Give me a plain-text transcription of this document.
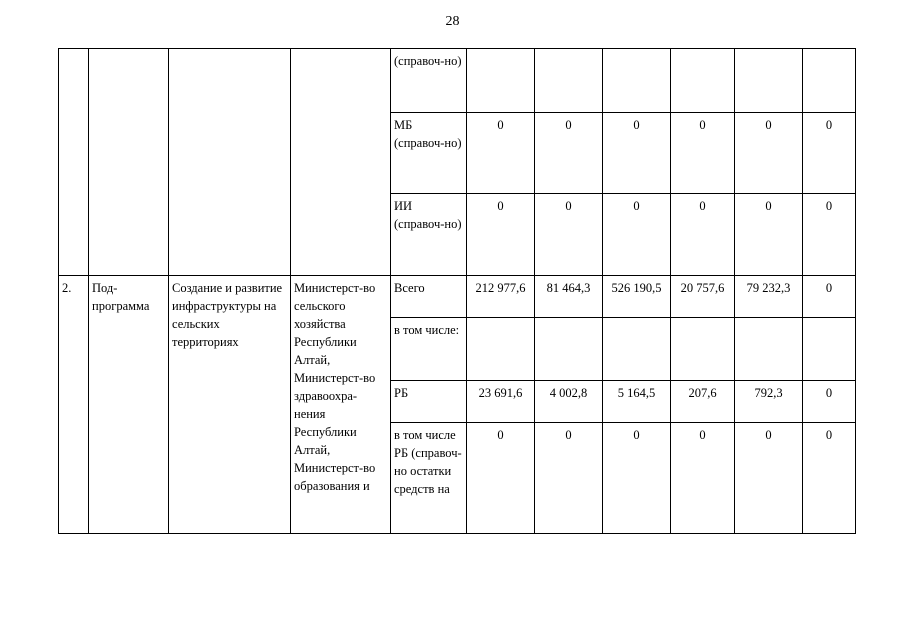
28
				(справоч-но)						
				МБ (справоч-но)	0	0	0	0	0	0
				ИИ (справоч-но)	0	0	0	0	0	0
2.	Под-программа	Создание и развитие инфраструктуры на сельских территориях	Министерст-во сельского хозяйства Республики Алтай, Министерст-во здравоохра-нения Республики Алтай, Министерст-во образования и	Всего	212 977,6	81 464,3	526 190,5	20 757,6	79 232,3	0
				в том числе:						
				РБ	23 691,6	4 002,8	5 164,5	207,6	792,3	0
				в том числе РБ (справоч-но остатки средств на	0	0	0	0	0	0
